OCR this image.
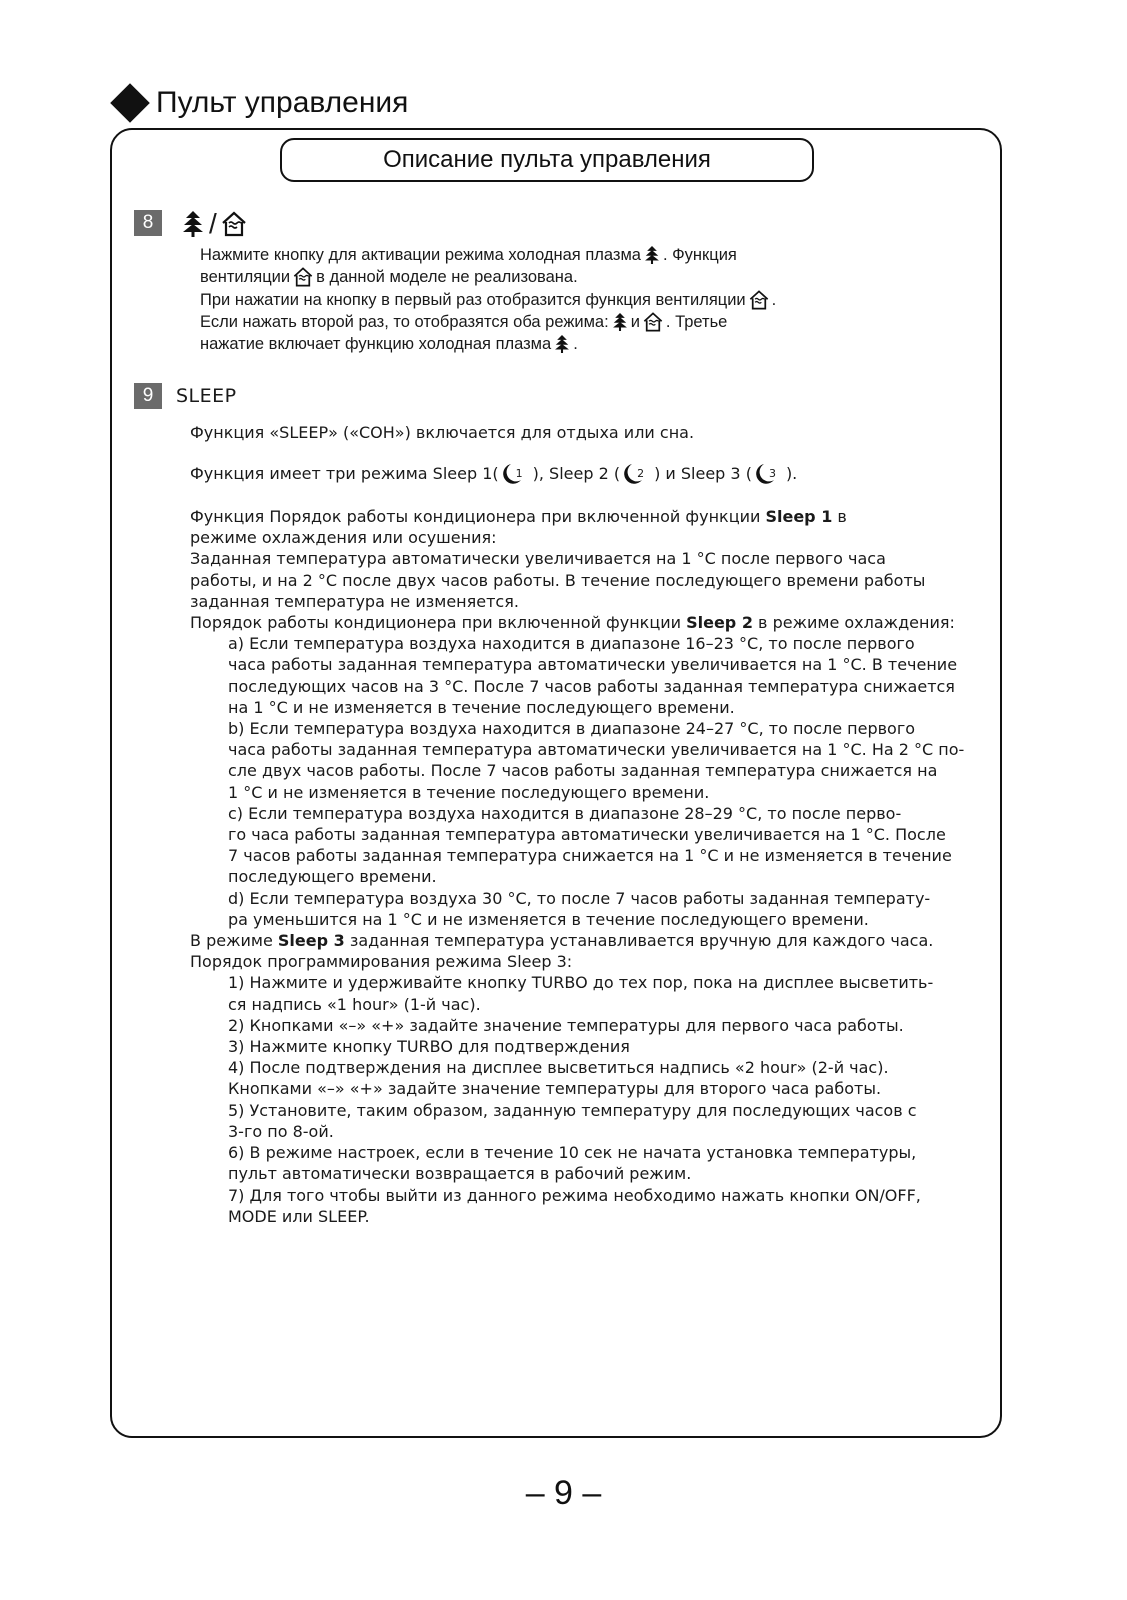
Пульт управления
Описание пульта управления
8	/
Нажмите кнопку для активации режима холодная плазма . Функция
вентиляции в данной моделе не реализована.
При нажатии на кнопку в первый раз отобразится функция вентиляции .
Если нажать второй раз, то отобразятся оба режима: и . Третье
нажатие включает функцию холодная плазма .
9	SLEEP
Функция «SLEEP» («СОН») включается для отдыха или сна.
Функция имеет три режима Sleep 1( 1 ), Sleep 2 ( 2 ) и Sleep 3 ( 3 ).
Функция Порядок работы кондиционера при включенной функции Sleep 1 в
режиме охлаждения или осушения:
Заданная температура автоматически увеличивается на 1 °С после первого часа
работы, и на 2 °С после двух часов работы. В течение последующего времени работы
заданная температура не изменяется.
Порядок работы кондиционера при включенной функции Sleep 2 в режиме охлаждения:
a) Если температура воздуха находится в диапазоне 16–23 °С, то после первого
часа работы заданная температура автоматически увеличивается на 1 °С. В течение
последующих часов на 3 °С. После 7 часов работы заданная температура снижается
на 1 °С и не изменяется в течение последующего времени.
b) Если температура воздуха находится в диапазоне 24–27 °С, то после первого
часа работы заданная температура автоматически увеличивается на 1 °С. На 2 °С по-
сле двух часов работы. После 7 часов работы заданная температура снижается на
1 °С и не изменяется в течение последующего времени.
c) Если температура воздуха находится в диапазоне 28–29 °С, то после перво-
го часа работы заданная температура автоматически увеличивается на 1 °С. После
7 часов работы заданная температура снижается на 1 °С и не изменяется в течение
последующего времени.
d) Если температура воздуха 30 °С, то после 7 часов работы заданная температу-
ра уменьшится на 1 °С и не изменяется в течение последующего времени.
В режиме Sleep 3 заданная температура устанавливается вручную для каждого часа.
Порядок программирования режима Sleep 3:
1) Нажмите и удерживайте кнопку TURBO до тех пор, пока на дисплее высветить-
ся надпись «1 hour» (1-й час).
2) Кнопками «–» «+» задайте значение температуры для первого часа работы.
3) Нажмите кнопку TURBO для подтверждения
4) После подтверждения на дисплее высветиться надпись «2 hour» (2-й час).
Кнопками «–» «+» задайте значение температуры для второго часа работы.
5) Установите, таким образом, заданную температуру для последующих часов с
3-го по 8-ой.
6) В режиме настроек, если в течение 10 сек не начата установка температуры,
пульт автоматически возвращается в рабочий режим.
7) Для того чтобы выйти из данного режима необходимо нажать кнопки ON/OFF,
MODE или SLEEP.
– 9 –
